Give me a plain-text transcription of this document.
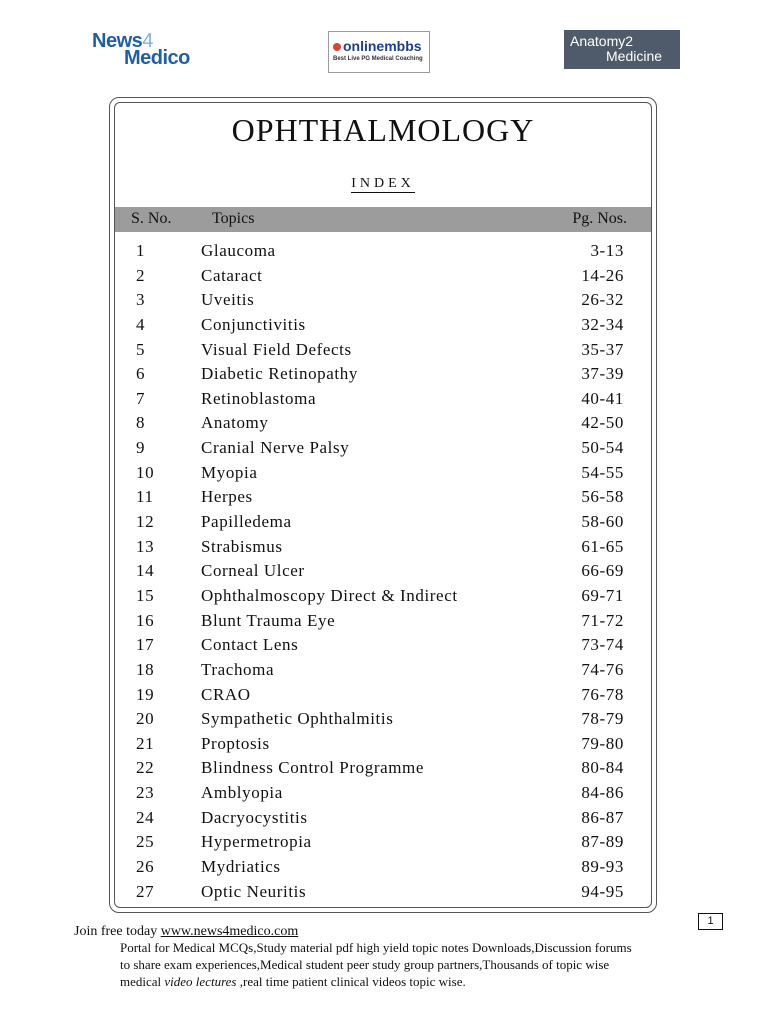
News4
Medico
onlinembbs
Best Live PG Medical Coaching
Anatomy2
Medicine
OPHTHALMOLOGY
INDEX
S. No.	Topics	Pg. Nos.
1	Glaucoma	3-13
2	Cataract	14-26
3	Uveitis	26-32
4	Conjunctivitis	32-34
5	Visual Field Defects	35-37
6	Diabetic Retinopathy	37-39
7	Retinoblastoma	40-41
8	Anatomy	42-50
9	Cranial Nerve Palsy	50-54
10	Myopia	54-55
11	Herpes	56-58
12	Papilledema	58-60
13	Strabismus	61-65
14	Corneal Ulcer	66-69
15	Ophthalmoscopy Direct & Indirect	69-71
16	Blunt Trauma Eye	71-72
17	Contact Lens	73-74
18	Trachoma	74-76
19	CRAO	76-78
20	Sympathetic Ophthalmitis	78-79
21	Proptosis	79-80
22	Blindness Control Programme	80-84
23	Amblyopia	84-86
24	Dacryocystitis	86-87
25	Hypermetropia	87-89
26	Mydriatics	89-93
27	Optic Neuritis	94-95
1
Join free today www.news4medico.com
Portal for Medical MCQs,Study material pdf high yield topic notes Downloads,Discussion forums
to share exam experiences,Medical student peer study group partners,Thousands of topic wise
medical video lectures ,real time patient clinical videos topic wise.
